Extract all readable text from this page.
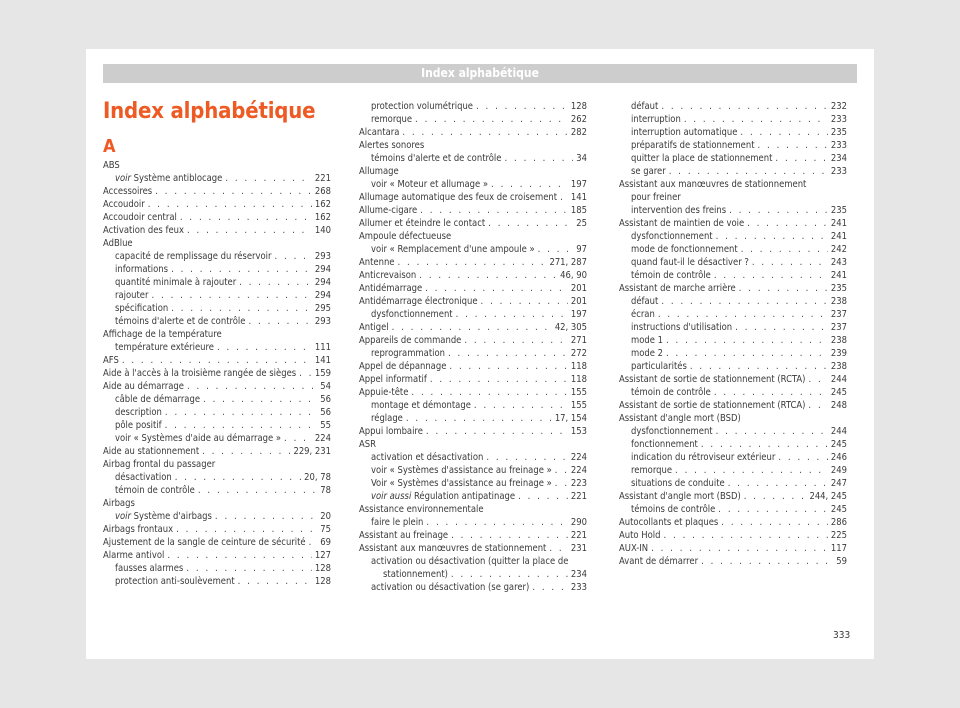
Index alphabétique
Index alphabétique
A
ABS
voir Système antiblocage . . .	221
Accessoires . . .	268
Accoudoir . . .	162
Accoudoir central . . .	162
Activation des feux . . .	140
AdBlue
capacité de remplissage du réservoir . . .	293
informations . . .	294
quantité minimale à rajouter . . .	294
rajouter . . .	294
spécification . . .	295
témoins d'alerte et de contrôle . . .	293
Affichage de la température
température extérieure . . .	111
AFS . . .	141
Aide à l'accès à la troisième rangée de sièges . . . 159
Aide au démarrage . . .	54
câble de démarrage . . .	56
description . . .	56
pôle positif . . .	55
voir « Systèmes d'aide au démarrage » . . .	224
Aide au stationnement . . .	229, 231
Airbag frontal du passager
désactivation . . .	20, 78
témoin de contrôle . . .	78
Airbags
voir Système d'airbags . . .	20
Airbags frontaux . . .	75
Ajustement de la sangle de ceinture de sécurité . . . 69
Alarme antivol . . .	127
fausses alarmes . . .	128
protection anti-soulèvement . . .	128
protection volumétrique . . .	128
remorque . . .	262
Alcantara . . .	282
Alertes sonores
témoins d'alerte et de contrôle . . .	34
Allumage
voir « Moteur et allumage » . . .	197
Allumage automatique des feux de croisement . . . 141
Allume-cigare . . .	185
Allumer et éteindre le contact . . .	25
Ampoule défectueuse
voir « Remplacement d'une ampoule » . . .	97
Antenne . . .	271, 287
Anticrevaison . . .	46, 90
Antidémarrage . . .	201
Antidémarrage électronique . . .	201
dysfonctionnement . . .	197
Antigel . . .	42, 305
Appareils de commande . . .	271
reprogrammation . . .	272
Appel de dépannage . . .	118
Appel informatif . . .	118
Appuie-tête . . .	155
montage et démontage . . .	155
réglage . . .	17, 154
Appui lombaire . . .	153
ASR
activation et désactivation . . .	224
voir « Systèmes d'assistance au freinage » . . . 224
Voir « Systèmes d'assistance au freinage » . . . 223
voir aussi Régulation antipatinage . . .	221
Assistance environnementale
faire le plein . . .	290
Assistant au freinage . . .	221
Assistant aux manœuvres de stationnement . . .	231
activation ou désactivation (quitter la place de
stationnement) . . .	234
activation ou désactivation (se garer) . . .	233
défaut . . .	232
interruption . . .	233
interruption automatique . . .	235
préparatifs de stationnement . . .	233
quitter la place de stationnement . . .	234
se garer . . .	233
Assistant aux manœuvres de stationnement
pour freiner
intervention des freins . . .	235
Assistant de maintien de voie . . .	241
dysfonctionnement . . .	241
mode de fonctionnement . . .	242
quand faut-il le désactiver ? . . .	243
témoin de contrôle . . .	241
Assistant de marche arrière . . .	235
défaut . . .	238
écran . . .	237
instructions d'utilisation . . .	237
mode 1 . . .	238
mode 2 . . .	239
particularités . . .	238
Assistant de sortie de stationnement (RCTA) . . .	244
témoin de contrôle . . .	245
Assistant de sortie de stationnement (RTCA) . . .	248
Assistant d'angle mort (BSD)
dysfonctionnement . . .	244
fonctionnement . . .	245
indication du rétroviseur extérieur . . .	246
remorque . . .	249
situations de conduite . . .	247
Assistant d'angle mort (BSD) . . .	244, 245
témoins de contrôle . . .	245
Autocollants et plaques . . .	286
Auto Hold . . .	225
AUX-IN . . .	117
Avant de démarrer . . .	59
333
